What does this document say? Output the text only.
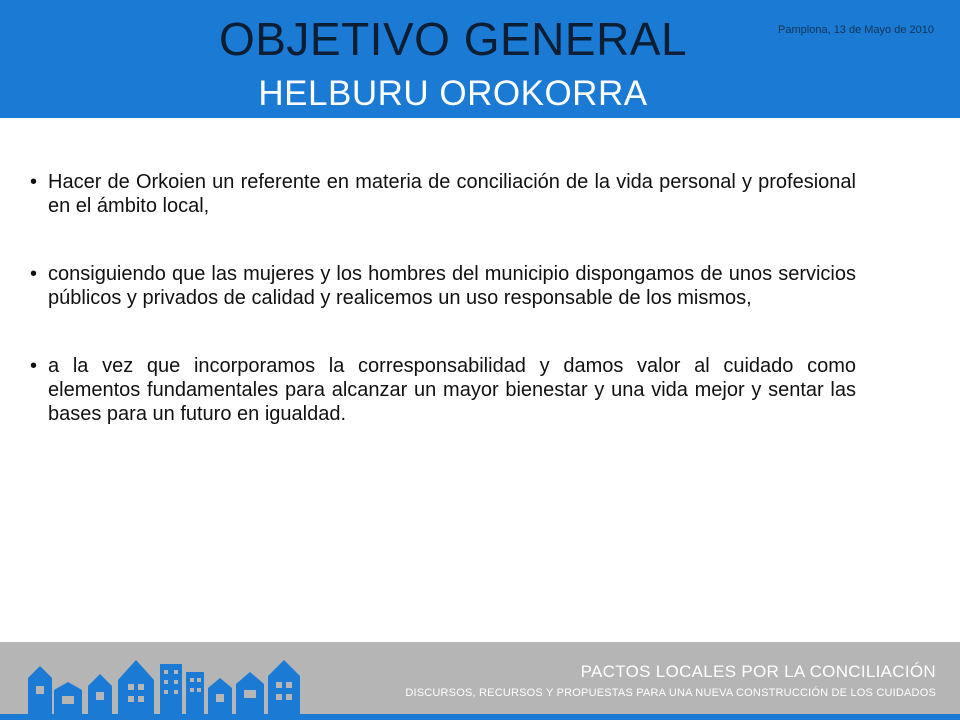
OBJETIVO GENERAL
HELBURU OROKORRA
Pamplona, 13 de Mayo de 2010
• Hacer de Orkoien un referente en materia de conciliación de la vida personal y profesional en el ámbito local,
• consiguiendo que las mujeres y los hombres del municipio dispongamos de unos servicios públicos y privados de calidad y realicemos un uso responsable de los mismos,
• a la vez que incorporamos la corresponsabilidad y damos valor al cuidado como elementos fundamentales para alcanzar un mayor bienestar y una vida mejor y sentar las bases para un futuro en igualdad.
PACTOS LOCALES POR LA CONCILIACIÓN
DISCURSOS, RECURSOS Y PROPUESTAS PARA UNA NUEVA CONSTRUCCIÓN DE LOS CUIDADOS
